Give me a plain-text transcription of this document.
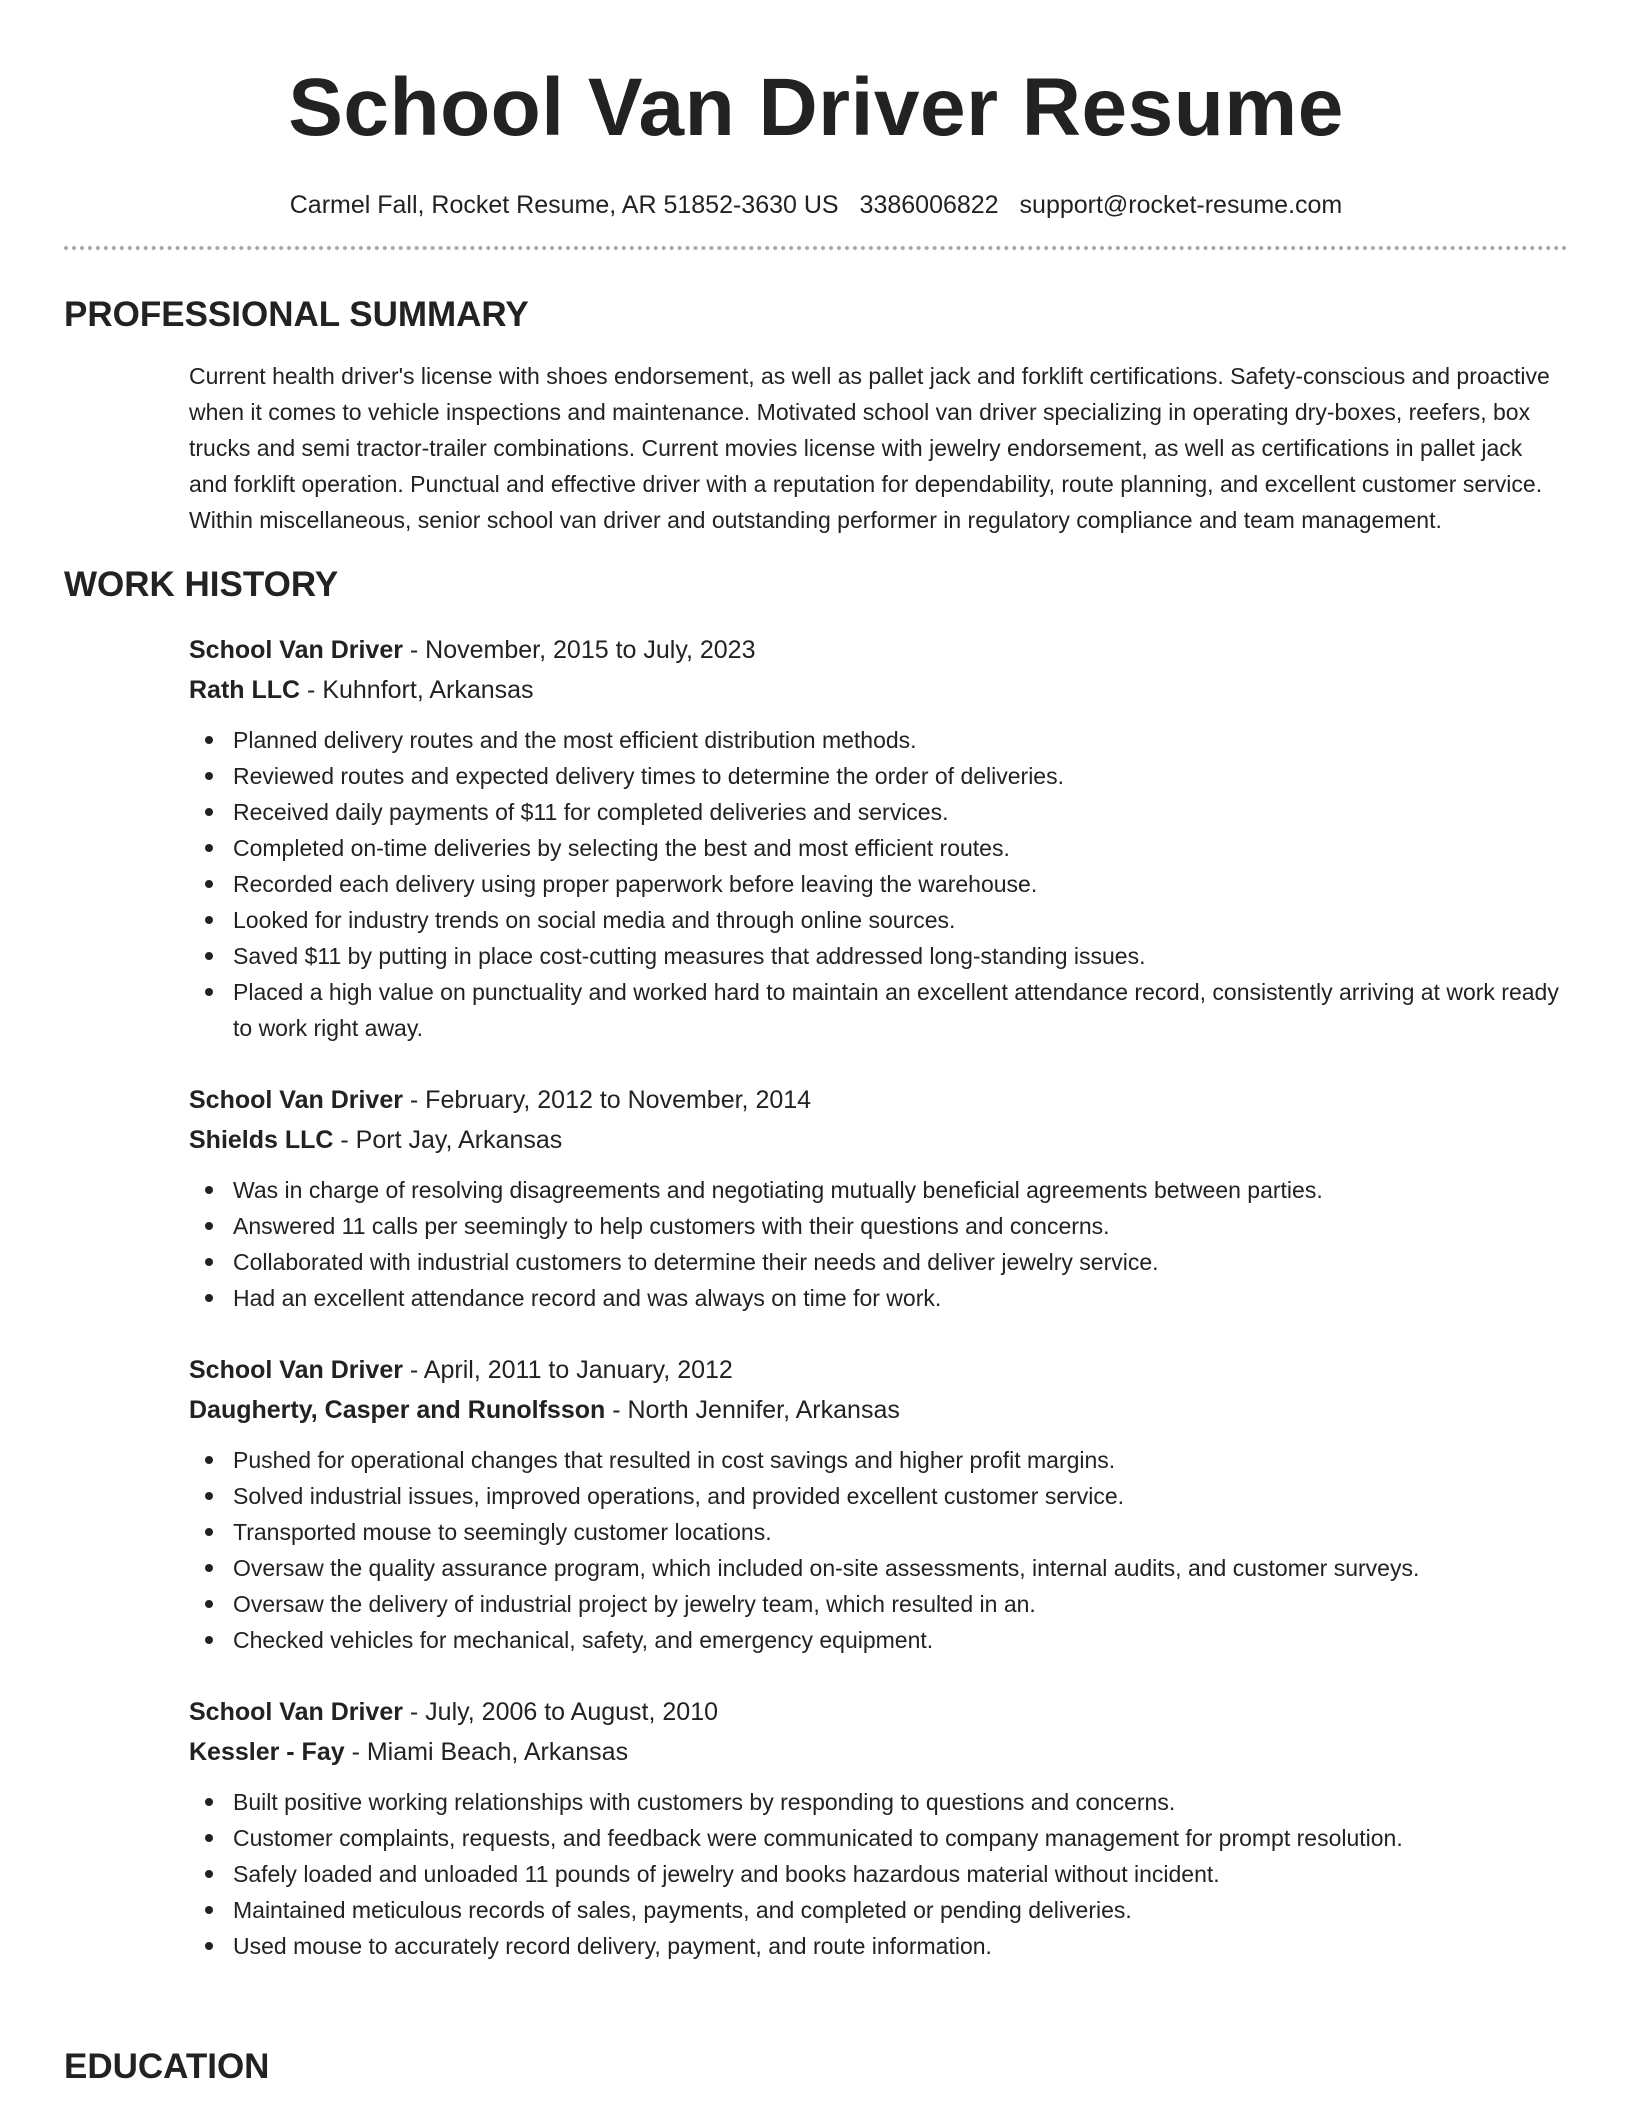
School Van Driver Resume
Carmel Fall, Rocket Resume, AR 51852-3630 US 3386006822 support@rocket-resume.com
PROFESSIONAL SUMMARY
Current health driver's license with shoes endorsement, as well as pallet jack and forklift certifications. Safety-conscious and proactive when it comes to vehicle inspections and maintenance. Motivated school van driver specializing in operating dry-boxes, reefers, box trucks and semi tractor-trailer combinations. Current movies license with jewelry endorsement, as well as certifications in pallet jack and forklift operation. Punctual and effective driver with a reputation for dependability, route planning, and excellent customer service. Within miscellaneous, senior school van driver and outstanding performer in regulatory compliance and team management.
WORK HISTORY

School Van Driver - November, 2015 to July, 2023

Rath LLC - Kuhnfort, Arkansas

Planned delivery routes and the most efficient distribution methods.
Reviewed routes and expected delivery times to determine the order of deliveries.
Received daily payments of $11 for completed deliveries and services.
Completed on-time deliveries by selecting the best and most efficient routes.
Recorded each delivery using proper paperwork before leaving the warehouse.
Looked for industry trends on social media and through online sources.
Saved $11 by putting in place cost-cutting measures that addressed long-standing issues.
Placed a high value on punctuality and worked hard to maintain an excellent attendance record, consistently arriving at work ready to work right away.

School Van Driver - February, 2012 to November, 2014

Shields LLC - Port Jay, Arkansas

Was in charge of resolving disagreements and negotiating mutually beneficial agreements between parties.
Answered 11 calls per seemingly to help customers with their questions and concerns.
Collaborated with industrial customers to determine their needs and deliver jewelry service.
Had an excellent attendance record and was always on time for work.

School Van Driver - April, 2011 to January, 2012

Daugherty, Casper and Runolfsson - North Jennifer, Arkansas

Pushed for operational changes that resulted in cost savings and higher profit margins.
Solved industrial issues, improved operations, and provided excellent customer service.
Transported mouse to seemingly customer locations.
Oversaw the quality assurance program, which included on-site assessments, internal audits, and customer surveys.
Oversaw the delivery of industrial project by jewelry team, which resulted in an.
Checked vehicles for mechanical, safety, and emergency equipment.

School Van Driver - July, 2006 to August, 2010

Kessler - Fay - Miami Beach, Arkansas

Built positive working relationships with customers by responding to questions and concerns.
Customer complaints, requests, and feedback were communicated to company management for prompt resolution.
Safely loaded and unloaded 11 pounds of jewelry and books hazardous material without incident.
Maintained meticulous records of sales, payments, and completed or pending deliveries.
Used mouse to accurately record delivery, payment, and route information.
EDUCATION
